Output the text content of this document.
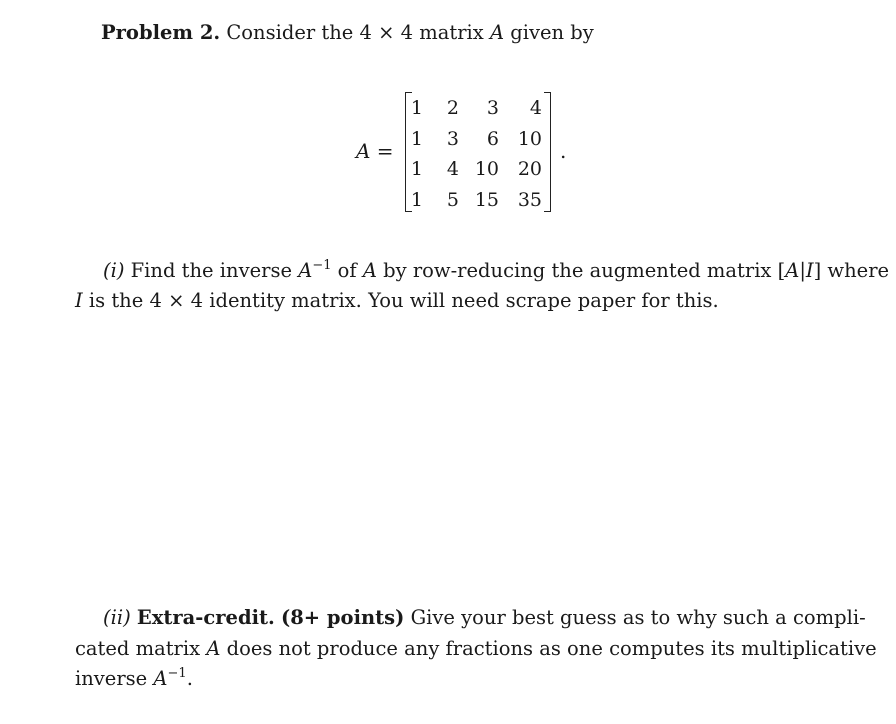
Problem 2. Consider the 4 × 4 matrix A given by
A =
1	2	3	4
1	3	6	10
1	4	10	20
1	5	15	35
.
(i) Find the inverse $A^{-1}$ of A by row-reducing the augmented matrix [A|I] where
I is the 4 × 4 identity matrix. You will need scrape paper for this.
(ii) Extra-credit. (8+ points) Give your best guess as to why such a compli-
cated matrix A does not produce any fractions as one computes its multiplicative
inverse $A^{-1}$.
